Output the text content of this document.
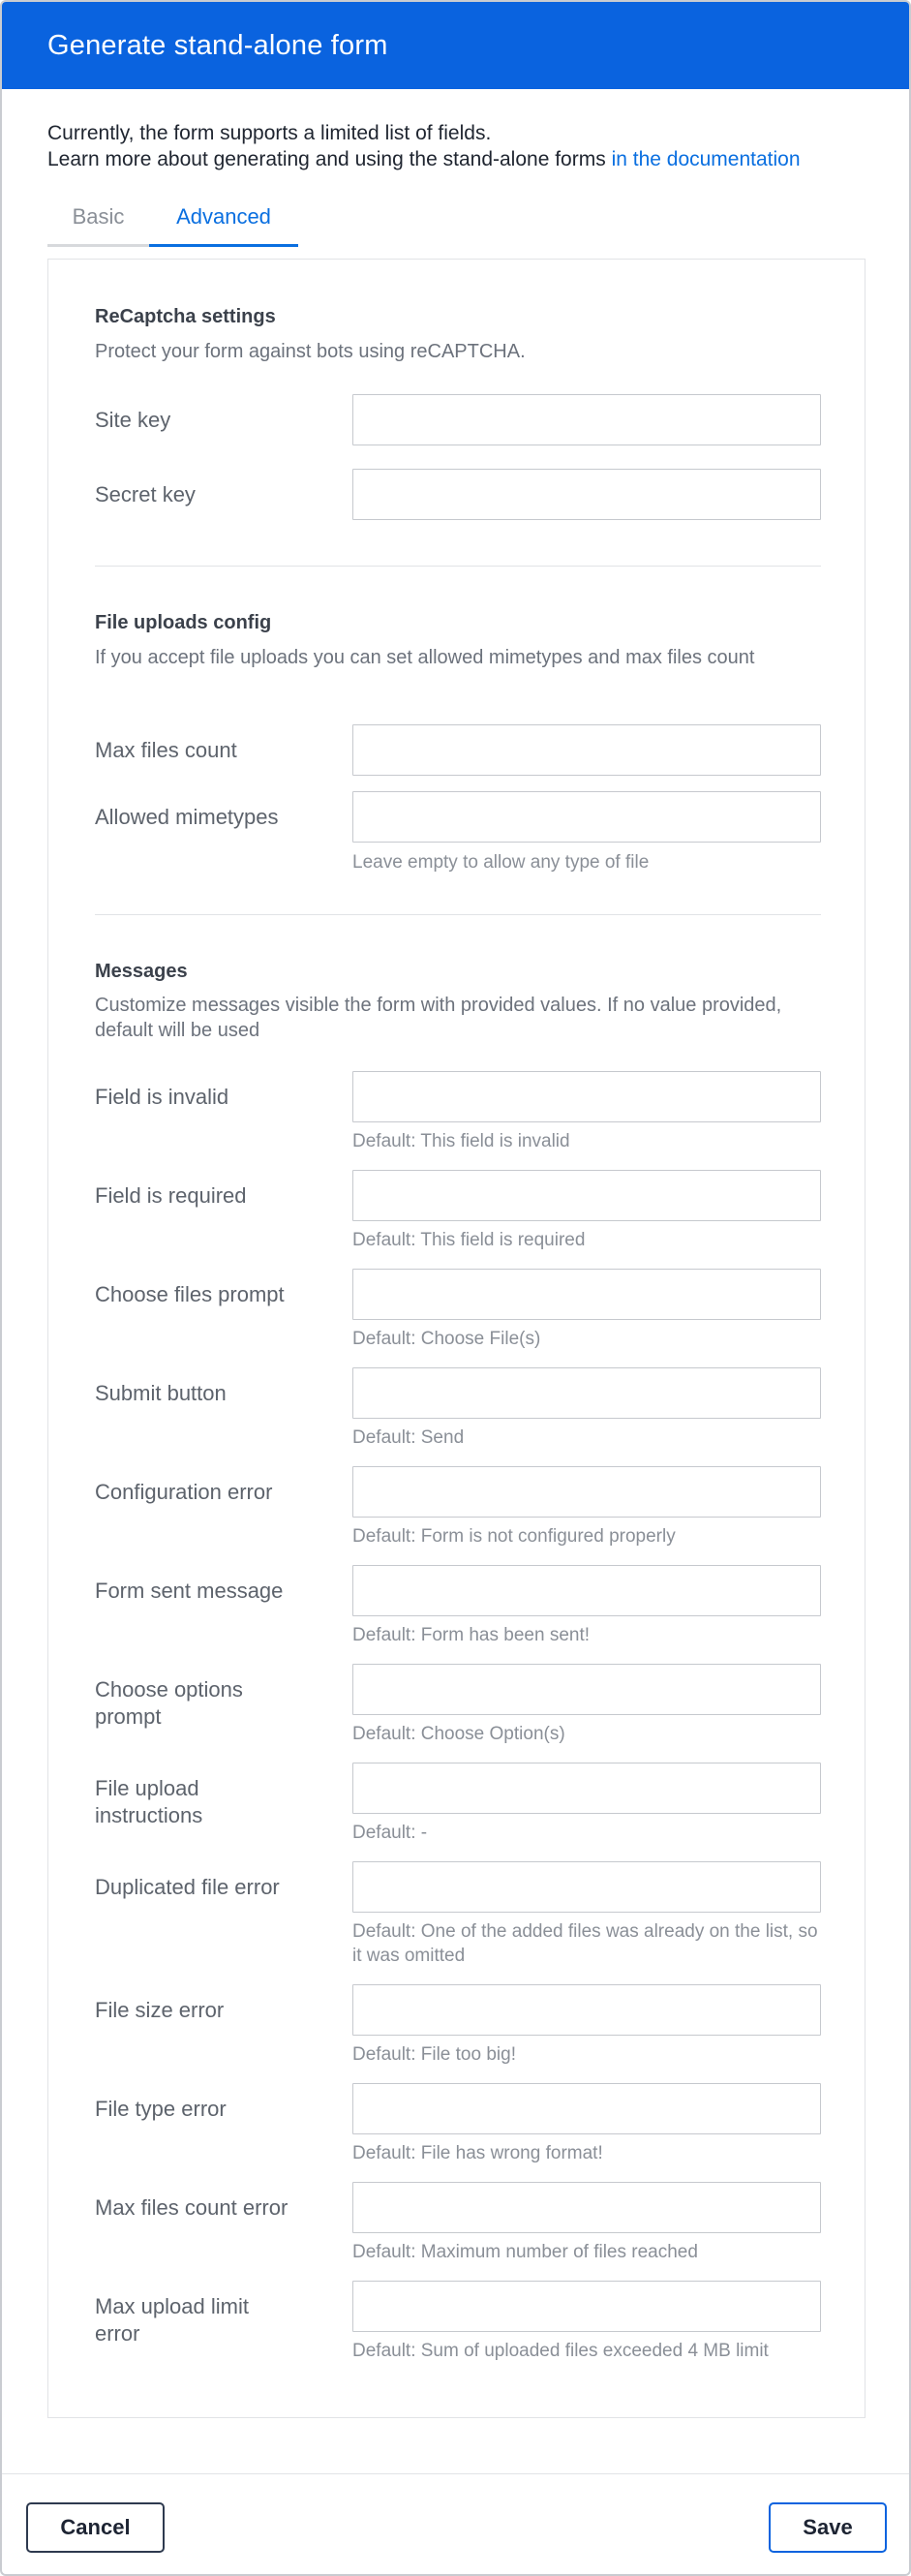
Generate stand-alone form
Currently, the form supports a limited list of fields.
Learn more about generating and using the stand-alone forms in the documentation
Basic	Advanced
ReCaptcha settings
Protect your form against bots using reCAPTCHA.
Site key
Secret key
File uploads config
If you accept file uploads you can set allowed mimetypes and max files count
Max files count
Allowed mimetypes
Leave empty to allow any type of file
Messages
Customize messages visible the form with provided values. If no value provided, default will be used
Field is invalid
Default: This field is invalid
Field is required
Default: This field is required
Choose files prompt
Default: Choose File(s)
Submit button
Default: Send
Configuration error
Default: Form is not configured properly
Form sent message
Default: Form has been sent!
Choose options prompt
Default: Choose Option(s)
File upload instructions
Default: -
Duplicated file error
Default: One of the added files was already on the list, so it was omitted
File size error
Default: File too big!
File type error
Default: File has wrong format!
Max files count error
Default: Maximum number of files reached
Max upload limit error
Default: Sum of uploaded files exceeded 4 MB limit
Cancel	Save
